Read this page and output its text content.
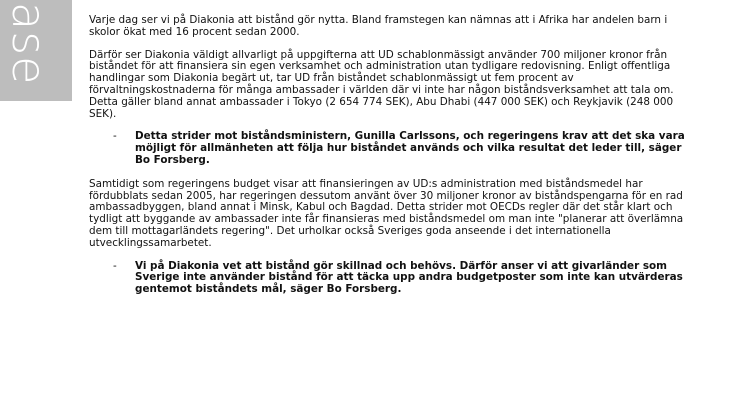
ase	Varje dag ser vi på Diakonia att bistånd gör nytta. Bland framstegen kan nämnas att i Afrika har andelen barn i skolor ökat med 16 procent sedan 2000.

Därför ser Diakonia väldigt allvarligt på uppgifterna att UD schablonmässigt använder 700 miljoner kronor från biståndet för att finansiera sin egen verksamhet och administration utan tydligare redovisning. Enligt offentliga handlingar som Diakonia begärt ut, tar UD från biståndet schablonmässigt ut fem procent av förvaltningskostnaderna för många ambassader i världen där vi inte har någon biståndsverksamhet att tala om. Detta gäller bland annat ambassader i Tokyo (2 654 774 SEK), Abu Dhabi (447 000 SEK) och Reykjavik (248 000 SEK).

- Detta strider mot biståndsministern, Gunilla Carlssons, och regeringens krav att det ska vara möjligt för allmänheten att följa hur biståndet används och vilka resultat det leder till, säger Bo Forsberg.

Samtidigt som regeringens budget visar att finansieringen av UD:s administration med biståndsmedel har fördubblats sedan 2005, har regeringen dessutom använt över 30 miljoner kronor av biståndspengarna för en rad ambassadbyggen, bland annat i Minsk, Kabul och Bagdad. Detta strider mot OECDs regler där det står klart och tydligt att byggande av ambassader inte får finansieras med biståndsmedel om man inte "planerar att överlämna dem till mottagarländets regering". Det urholkar också Sveriges goda anseende i det internationella utvecklingssamarbetet.

- Vi på Diakonia vet att bistånd gör skillnad och behövs. Därför anser vi att givarländer som Sverige inte använder bistånd för att täcka upp andra budgetposter som inte kan utvärderas gentemot biståndets mål, säger Bo Forsberg.
